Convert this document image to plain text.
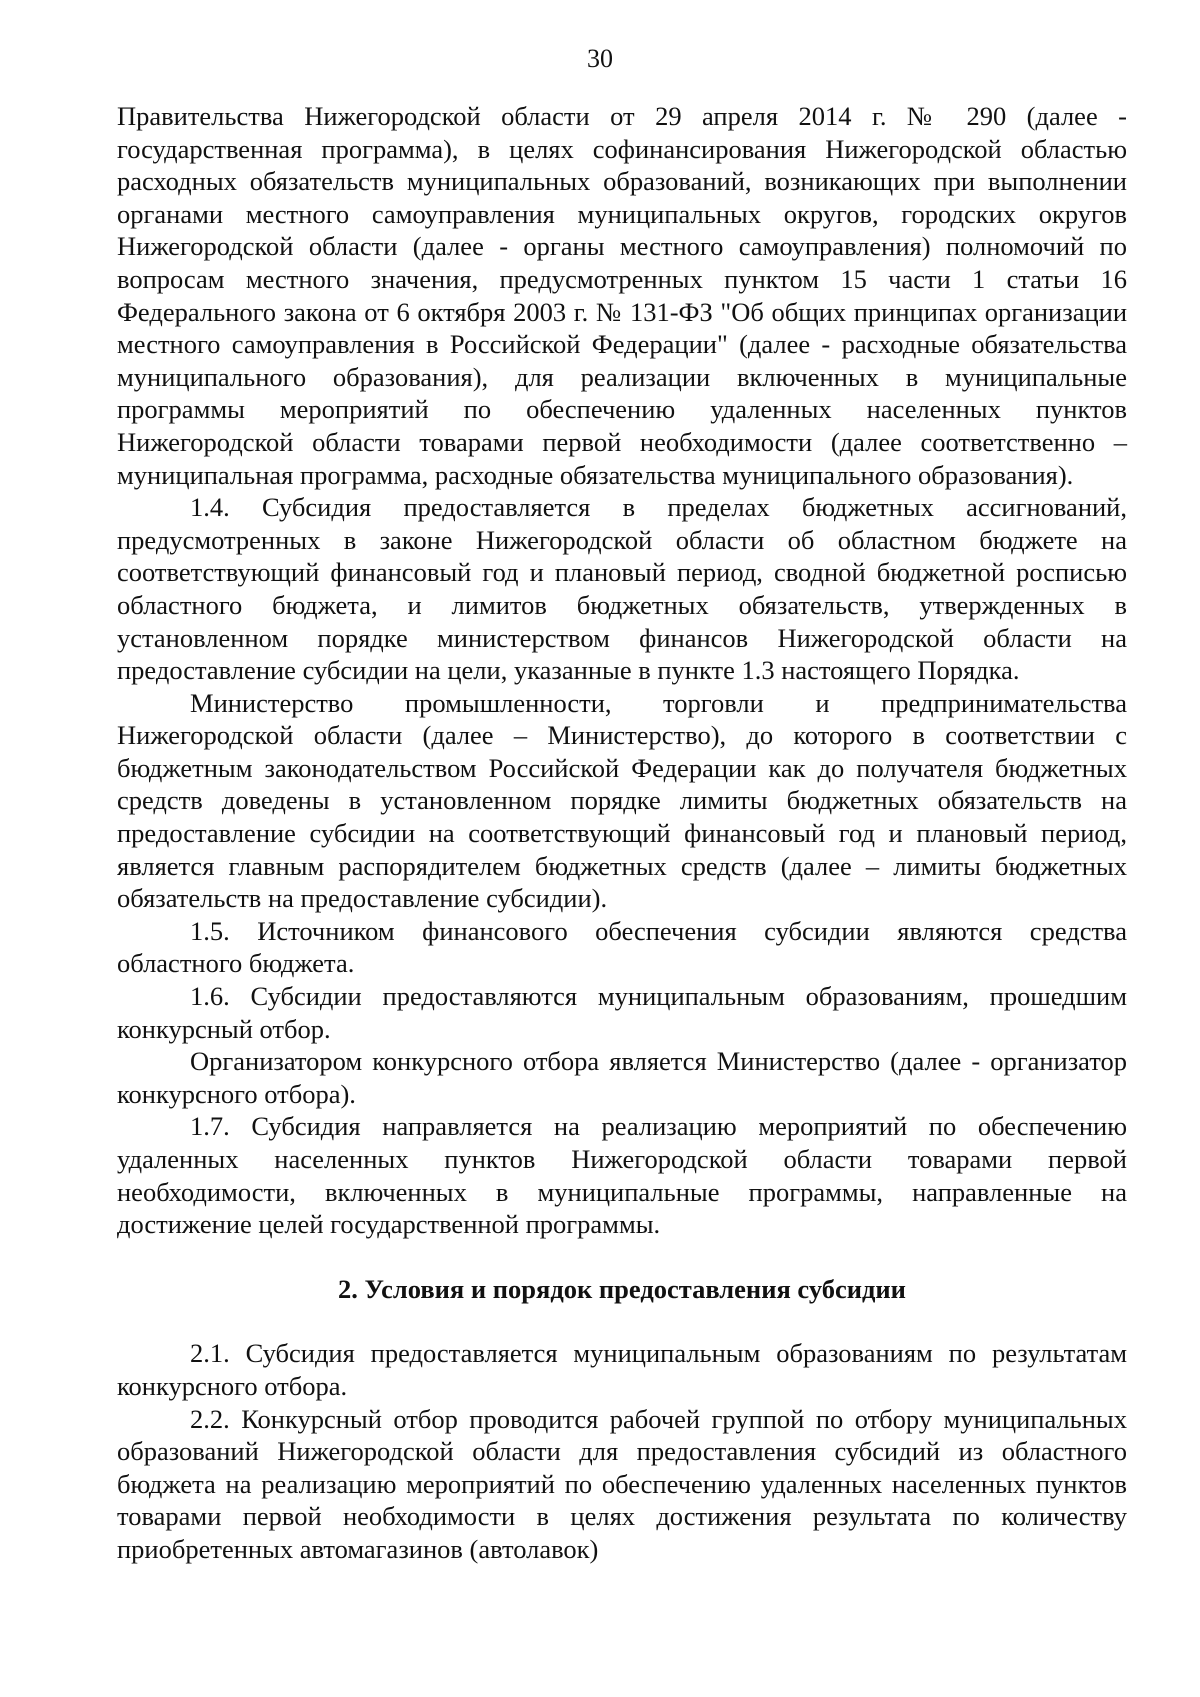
30

Правительства Нижегородской области от 29 апреля 2014 г. № 290 (далее - государственная программа), в целях софинансирования Нижегородской областью расходных обязательств муниципальных образований, возникающих при выполнении органами местного самоуправления муниципальных округов, городских округов Нижегородской области (далее - органы местного самоуправления) полномочий по вопросам местного значения, предусмотренных пунктом 15 части 1 статьи 16 Федерального закона от 6 октября 2003 г. № 131-ФЗ "Об общих принципах организации местного самоуправления в Российской Федерации" (далее - расходные обязательства муниципального образования), для реализации включенных в муниципальные программы мероприятий по обеспечению удаленных населенных пунктов Нижегородской области товарами первой необходимости (далее соответственно – муниципальная программа, расходные обязательства муниципального образования).

1.4. Субсидия предоставляется в пределах бюджетных ассигнований, предусмотренных в законе Нижегородской области об областном бюджете на соответствующий финансовый год и плановый период, сводной бюджетной росписью областного бюджета, и лимитов бюджетных обязательств, утвержденных в установленном порядке министерством финансов Нижегородской области на предоставление субсидии на цели, указанные в пункте 1.3 настоящего Порядка.

Министерство промышленности, торговли и предпринимательства Нижегородской области (далее – Министерство), до которого в соответствии с бюджетным законодательством Российской Федерации как до получателя бюджетных средств доведены в установленном порядке лимиты бюджетных обязательств на предоставление субсидии на соответствующий финансовый год и плановый период, является главным распорядителем бюджетных средств (далее – лимиты бюджетных обязательств на предоставление субсидии).

1.5. Источником финансового обеспечения субсидии являются средства областного бюджета.

1.6. Субсидии предоставляются муниципальным образованиям, прошедшим конкурсный отбор.

Организатором конкурсного отбора является Министерство (далее - организатор конкурсного отбора).

1.7. Субсидия направляется на реализацию мероприятий по обеспечению удаленных населенных пунктов Нижегородской области товарами первой необходимости, включенных в муниципальные программы, направленные на достижение целей государственной программы.

2. Условия и порядок предоставления субсидии

2.1. Субсидия предоставляется муниципальным образованиям по результатам конкурсного отбора.

2.2. Конкурсный отбор проводится рабочей группой по отбору муниципальных образований Нижегородской области для предоставления субсидий из областного бюджета на реализацию мероприятий по обеспечению удаленных населенных пунктов товарами первой необходимости в целях достижения результата по количеству приобретенных автомагазинов (автолавок)
